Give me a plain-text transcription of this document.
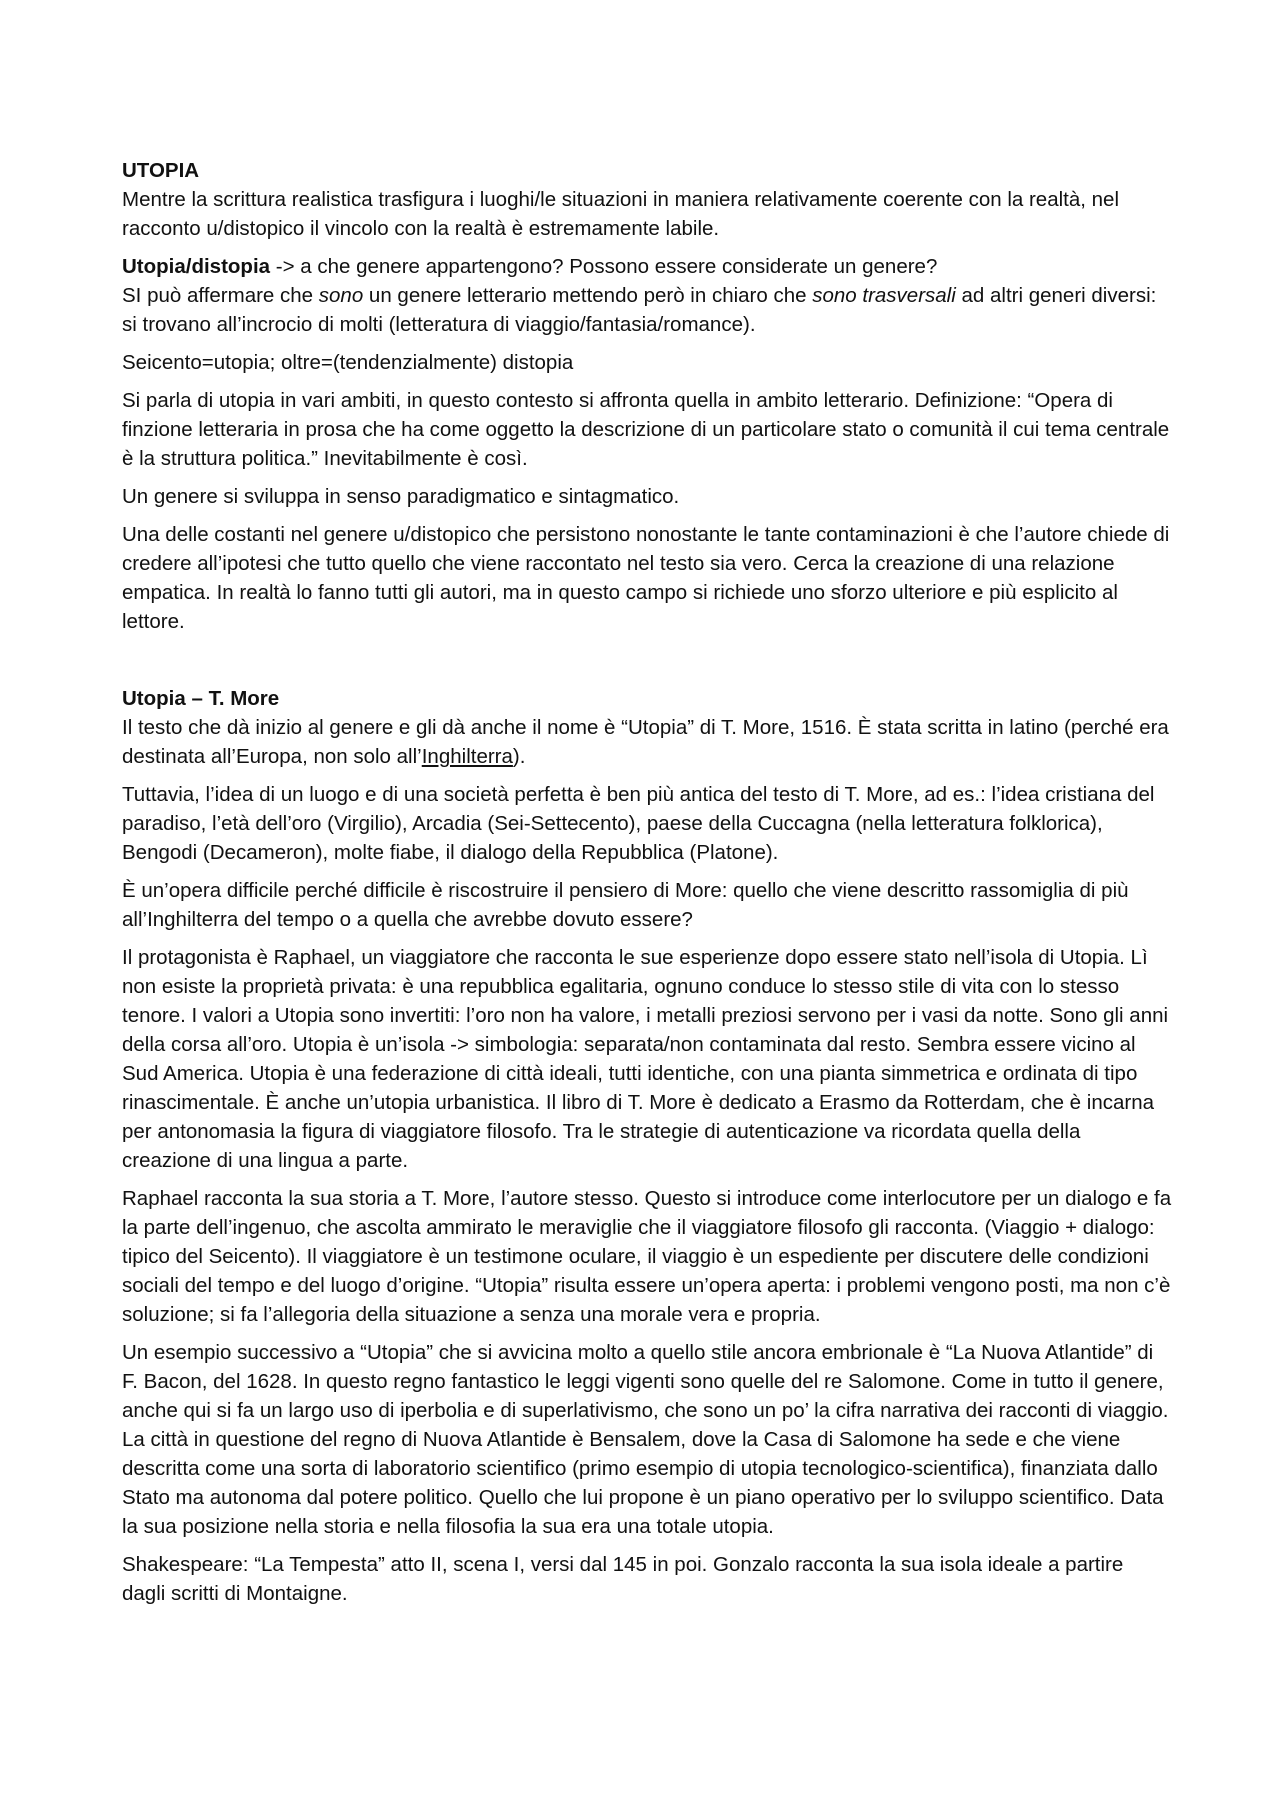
UTOPIA

Mentre la scrittura realistica trasfigura i luoghi/le situazioni in maniera relativamente coerente con la realtà, nel racconto u/distopico il vincolo con la realtà è estremamente labile.

Utopia/distopia -> a che genere appartengono? Possono essere considerate un genere?

SI può affermare che sono un genere letterario mettendo però in chiaro che sono trasversali ad altri generi diversi: si trovano all’incrocio di molti (letteratura di viaggio/fantasia/romance).

Seicento=utopia; oltre=(tendenzialmente) distopia

Si parla di utopia in vari ambiti, in questo contesto si affronta quella in ambito letterario. Definizione: “Opera di finzione letteraria in prosa che ha come oggetto la descrizione di un particolare stato o comunità il cui tema centrale è la struttura politica.” Inevitabilmente è così.

Un genere si sviluppa in senso paradigmatico e sintagmatico.

Una delle costanti nel genere u/distopico che persistono nonostante le tante contaminazioni è che l’autore chiede di credere all’ipotesi che tutto quello che viene raccontato nel testo sia vero. Cerca la creazione di una relazione empatica. In realtà lo fanno tutti gli autori, ma in questo campo si richiede uno sforzo ulteriore e più esplicito al lettore.

Utopia – T. More

Il testo che dà inizio al genere e gli dà anche il nome è “Utopia” di T. More, 1516. È stata scritta in latino (perché era destinata all’Europa, non solo all’Inghilterra).

Tuttavia, l’idea di un luogo e di una società perfetta è ben più antica del testo di T. More, ad es.: l’idea cristiana del paradiso, l’età dell’oro (Virgilio), Arcadia (Sei-Settecento), paese della Cuccagna (nella letteratura folklorica), Bengodi (Decameron), molte fiabe, il dialogo della Repubblica (Platone).

È un’opera difficile perché difficile è riscostruire il pensiero di More: quello che viene descritto rassomiglia di più all’Inghilterra del tempo o a quella che avrebbe dovuto essere?

Il protagonista è Raphael, un viaggiatore che racconta le sue esperienze dopo essere stato nell’isola di Utopia. Lì non esiste la proprietà privata: è una repubblica egalitaria, ognuno conduce lo stesso stile di vita con lo stesso tenore. I valori a Utopia sono invertiti: l’oro non ha valore, i metalli preziosi servono per i vasi da notte. Sono gli anni della corsa all’oro. Utopia è un’isola -> simbologia: separata/non contaminata dal resto. Sembra essere vicino al Sud America. Utopia è una federazione di città ideali, tutti identiche, con una pianta simmetrica e ordinata di tipo rinascimentale. È anche un’utopia urbanistica. Il libro di T. More è dedicato a Erasmo da Rotterdam, che è incarna per antonomasia la figura di viaggiatore filosofo. Tra le strategie di autenticazione va ricordata quella della creazione di una lingua a parte.

Raphael racconta la sua storia a T. More, l’autore stesso. Questo si introduce come interlocutore per un dialogo e fa la parte dell’ingenuo, che ascolta ammirato le meraviglie che il viaggiatore filosofo gli racconta. (Viaggio + dialogo: tipico del Seicento). Il viaggiatore è un testimone oculare, il viaggio è un espediente per discutere delle condizioni sociali del tempo e del luogo d’origine. “Utopia” risulta essere un’opera aperta: i problemi vengono posti, ma non c’è soluzione; si fa l’allegoria della situazione a senza una morale vera e propria.

Un esempio successivo a “Utopia” che si avvicina molto a quello stile ancora embrionale è “La Nuova Atlantide” di F. Bacon, del 1628. In questo regno fantastico le leggi vigenti sono quelle del re Salomone. Come in tutto il genere, anche qui si fa un largo uso di iperbolia e di superlativismo, che sono un po’ la cifra narrativa dei racconti di viaggio. La città in questione del regno di Nuova Atlantide è Bensalem, dove la Casa di Salomone ha sede e che viene descritta come una sorta di laboratorio scientifico (primo esempio di utopia tecnologico-scientifica), finanziata dallo Stato ma autonoma dal potere politico. Quello che lui propone è un piano operativo per lo sviluppo scientifico. Data la sua posizione nella storia e nella filosofia la sua era una totale utopia.

Shakespeare: “La Tempesta” atto II, scena I, versi dal 145 in poi. Gonzalo racconta la sua isola ideale a partire dagli scritti di Montaigne.
